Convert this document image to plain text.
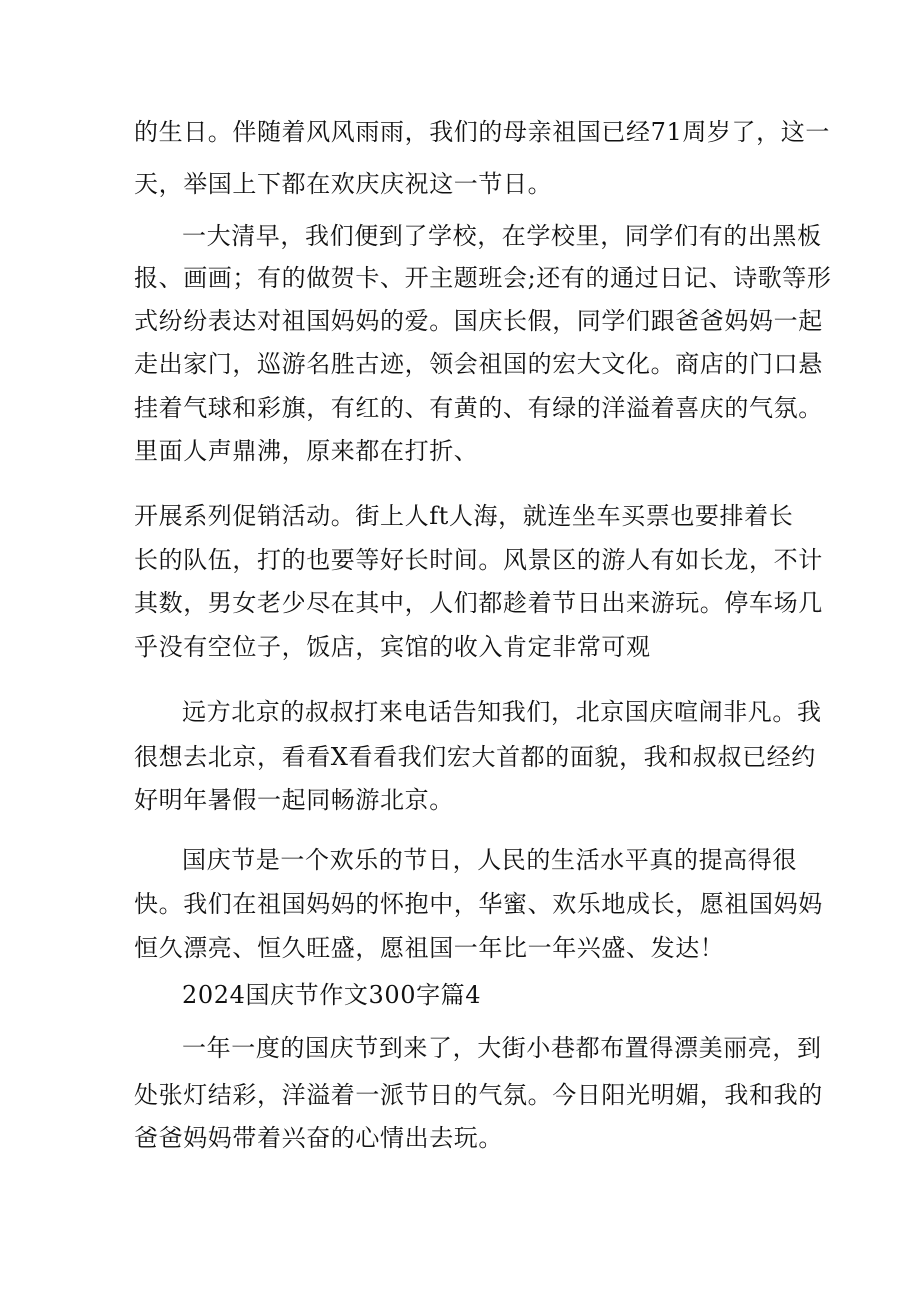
的生日。伴随着风风雨雨，我们的母亲祖国已经71周岁了，这一
天，举国上下都在欢庆庆祝这一节日。
一大清早，我们便到了学校，在学校里，同学们有的出黑板
报、画画；有的做贺卡、开主题班会;还有的通过日记、诗歌等形
式纷纷表达对祖国妈妈的爱。国庆长假，同学们跟爸爸妈妈一起
走出家门，巡游名胜古迹，领会祖国的宏大文化。商店的门口悬
挂着气球和彩旗，有红的、有黄的、有绿的洋溢着喜庆的气氛。
里面人声鼎沸，原来都在打折、
开展系列促销活动。街上人ft人海，就连坐车买票也要排着长
长的队伍，打的也要等好长时间。风景区的游人有如长龙，不计
其数，男女老少尽在其中，人们都趁着节日出来游玩。停车场几
乎没有空位子，饭店，宾馆的收入肯定非常可观
远方北京的叔叔打来电话告知我们，北京国庆喧闹非凡。我
很想去北京，看看X看看我们宏大首都的面貌，我和叔叔已经约
好明年暑假一起同畅游北京。
国庆节是一个欢乐的节日，人民的生活水平真的提高得很
快。我们在祖国妈妈的怀抱中，华蜜、欢乐地成长，愿祖国妈妈
恒久漂亮、恒久旺盛，愿祖国一年比一年兴盛、发达！
2024国庆节作文300字篇4
一年一度的国庆节到来了，大街小巷都布置得漂美丽亮，到
处张灯结彩，洋溢着一派节日的气氛。今日阳光明媚，我和我的
爸爸妈妈带着兴奋的心情出去玩。
